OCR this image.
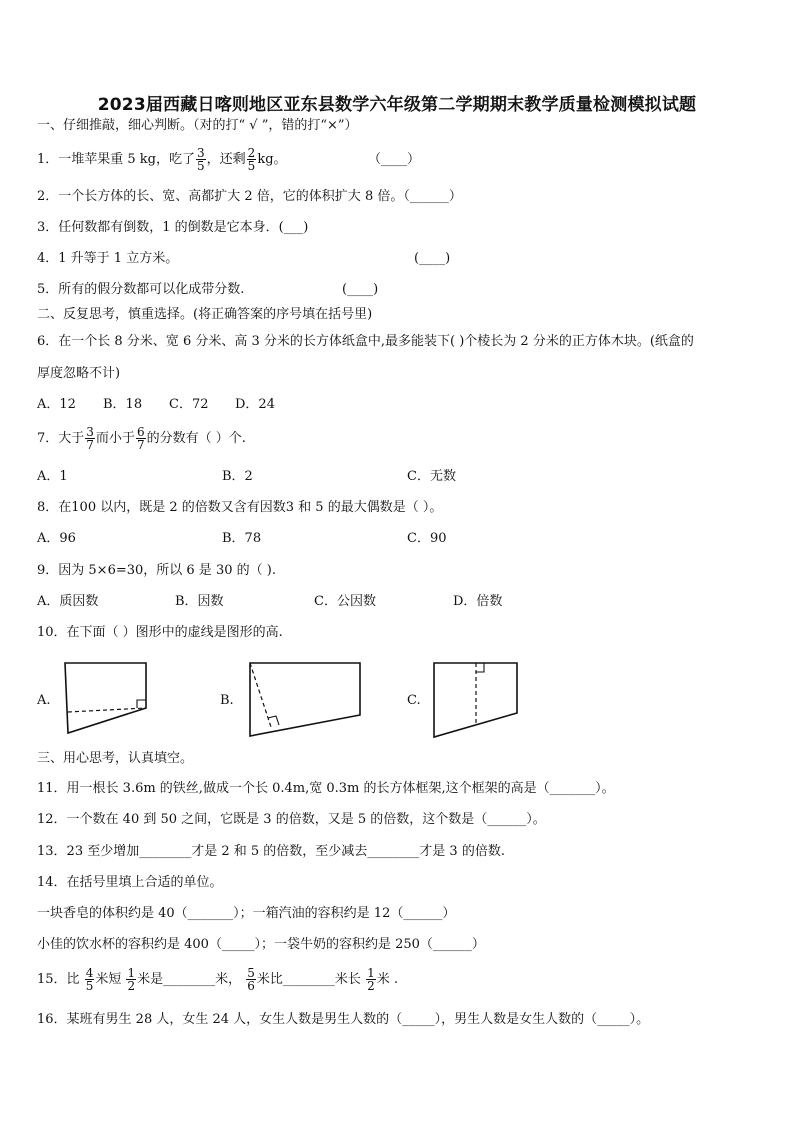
2023届西藏日喀则地区亚东县数学六年级第二学期期末教学质量检测模拟试题
一、仔细推敲，细心判断。（对的打“ √ ”，错的打“×”）
1．一堆苹果重 5 kg，吃了 $\frac{3}{5}$ ，还剩 $\frac{2}{5}$ kg。	（____）
2．一个长方体的长、宽、高都扩大 2 倍，它的体积扩大 8 倍。（______）
3．任何数都有倒数，1 的倒数是它本身．(___)
4．1 升等于 1 立方米。	(____)
5．所有的假分数都可以化成带分数.	(____)
二、反复思考，慎重选择。(将正确答案的序号填在括号里)
6．在一个长 8 分米、宽 6 分米、高 3 分米的长方体纸盒中,最多能装下( )个棱长为 2 分米的正方体木块。(纸盒的
厚度忽略不计)
A．12 B．18 C．72 D．24
7．大于 $\frac{3}{7}$ 而小于 $\frac{6}{7}$ 的分数有（ ）个.
A．1	B．2	C．无数
8．在100 以内，既是 2 的倍数又含有因数3 和 5 的最大偶数是（ ）。
A．96	B．78	C．90
9．因为 5×6=30，所以 6 是 30 的（ ).
A．质因数	B．因数	C．公因数	D．倍数
10．在下面（ ）图形中的虚线是图形的高.
A.	B.	C.
三、用心思考，认真填空。
11．用一根长 3.6m 的铁丝,做成一个长 0.4m,宽 0.3m 的长方体框架,这个框架的高是（_______）。
12．一个数在 40 到 50 之间，它既是 3 的倍数，又是 5 的倍数，这个数是（______）。
13．23 至少增加________才是 2 和 5 的倍数，至少减去________才是 3 的倍数.
14．在括号里填上合适的单位。
一块香皂的体积约是 40（_______）；一箱汽油的容积约是 12（______）
小佳的饮水杯的容积约是 400（_____）；一袋牛奶的容积约是 250（______）
15．比 $\frac{4}{5}$ 米短 $\frac{1}{2}$ 米是________米， $\frac{5}{6}$ 米比________米长 $\frac{1}{2}$ 米 .
16．某班有男生 28 人，女生 24 人，女生人数是男生人数的（_____），男生人数是女生人数的（_____）。
